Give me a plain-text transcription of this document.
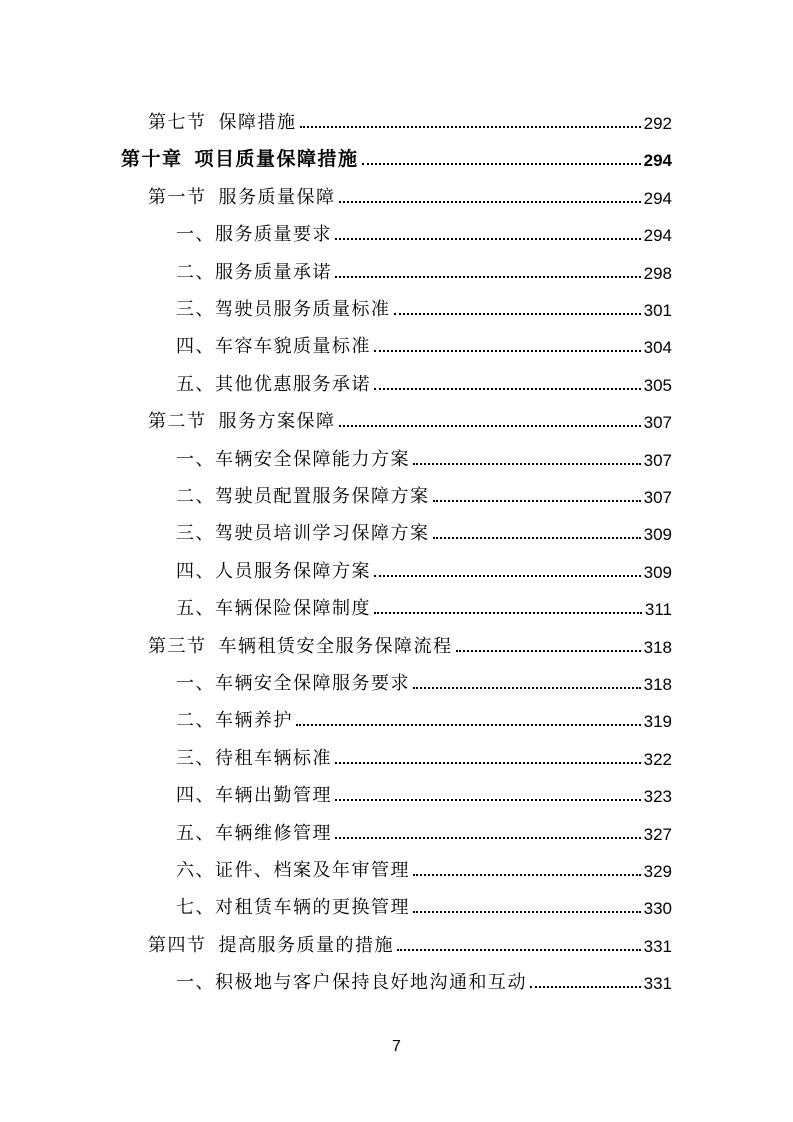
第七节 保障措施	292
第十章 项目质量保障措施	294
第一节 服务质量保障	294
一、服务质量要求	294
二、服务质量承诺	298
三、驾驶员服务质量标准	301
四、车容车貌质量标准	304
五、其他优惠服务承诺	305
第二节 服务方案保障	307
一、车辆安全保障能力方案	307
二、驾驶员配置服务保障方案	307
三、驾驶员培训学习保障方案	309
四、人员服务保障方案	309
五、车辆保险保障制度	311
第三节 车辆租赁安全服务保障流程	318
一、车辆安全保障服务要求	318
二、车辆养护	319
三、待租车辆标准	322
四、车辆出勤管理	323
五、车辆维修管理	327
六、证件、档案及年审管理	329
七、对租赁车辆的更换管理	330
第四节 提高服务质量的措施	331
一、积极地与客户保持良好地沟通和互动	331
7
